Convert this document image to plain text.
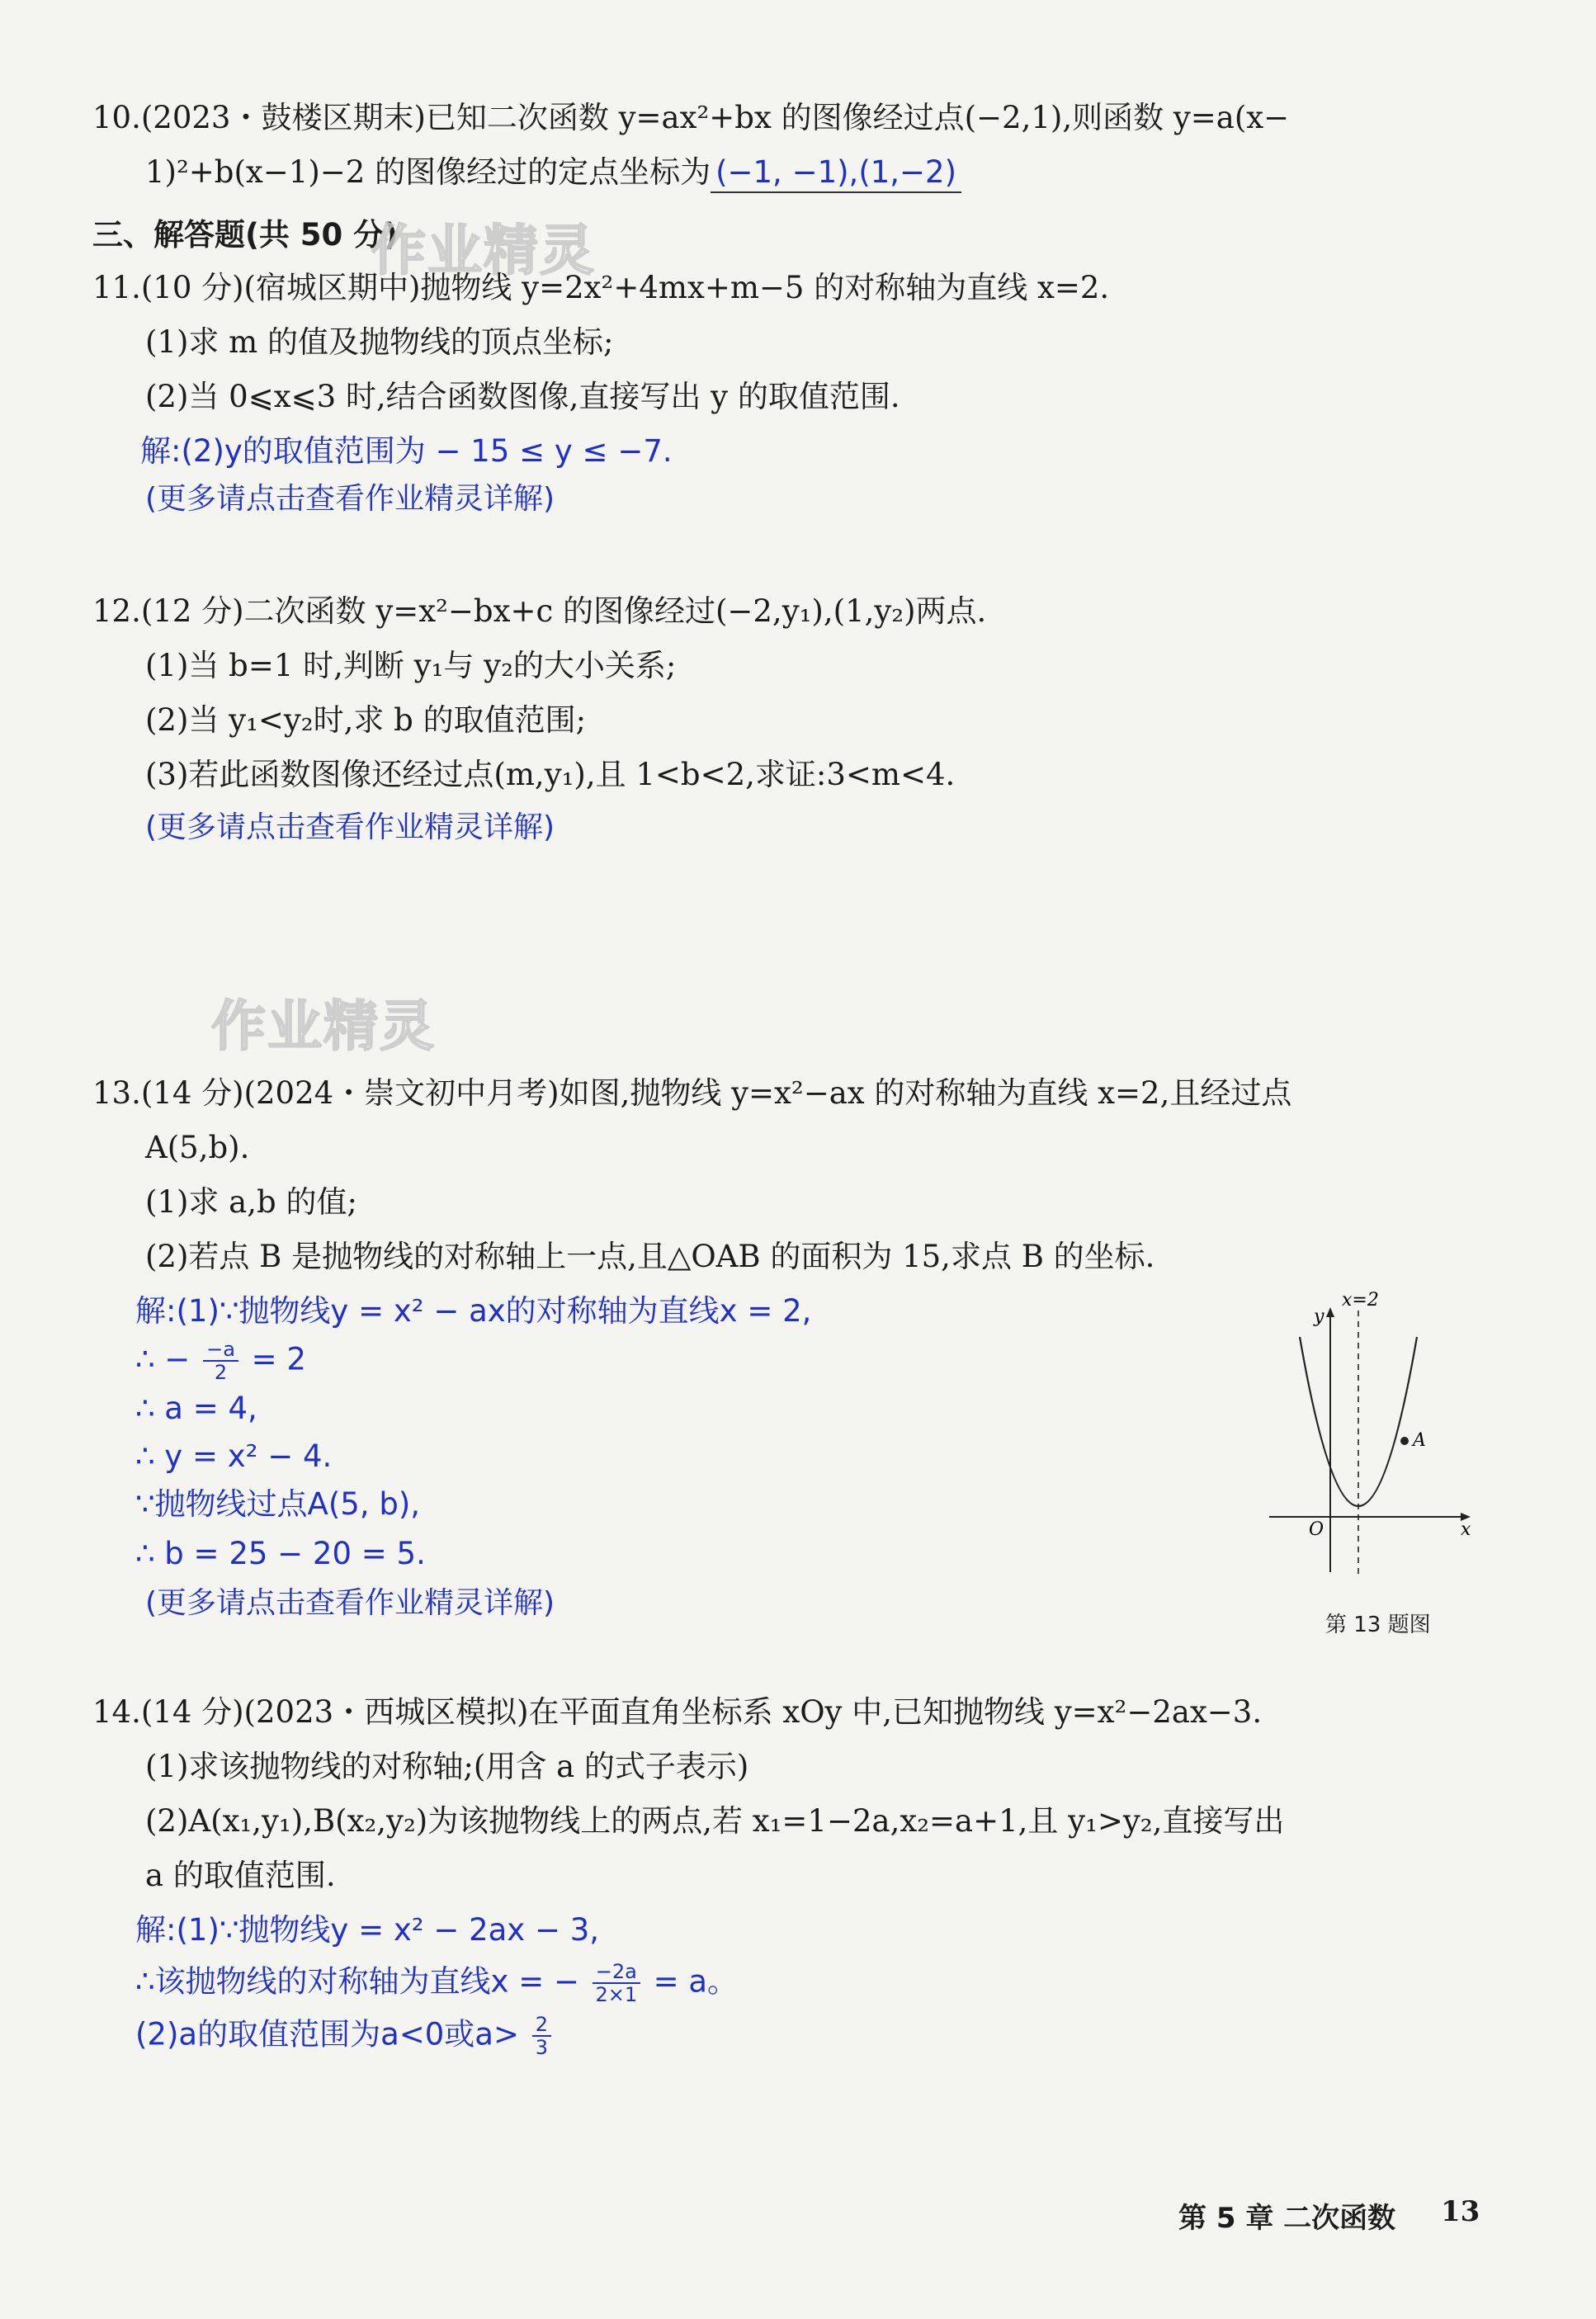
10.(2023・鼓楼区期末)已知二次函数 y=ax²+bx 的图像经过点(−2,1),则函数 y=a(x−
1)²+b(x−1)−2 的图像经过的定点坐标为 (−1, −1),(1,−2)
三、解答题(共 50 分)
作业精灵
11.(10 分)(宿城区期中)抛物线 y=2x²+4mx+m−5 的对称轴为直线 x=2.
(1)求 m 的值及抛物线的顶点坐标;
(2)当 0⩽x⩽3 时,结合函数图像,直接写出 y 的取值范围.
解:(2)y的取值范围为 − 15 ≤ y ≤ −7.
(更多请点击查看作业精灵详解)
12.(12 分)二次函数 y=x²−bx+c 的图像经过(−2,y₁),(1,y₂)两点.
(1)当 b=1 时,判断 y₁与 y₂的大小关系;
(2)当 y₁<y₂时,求 b 的取值范围;
(3)若此函数图像还经过点(m,y₁),且 1<b<2,求证:3<m<4.
(更多请点击查看作业精灵详解)
作业精灵
13.(14 分)(2024・崇文初中月考)如图,抛物线 y=x²−ax 的对称轴为直线 x=2,且经过点
A(5,b).
(1)求 a,b 的值;
(2)若点 B 是抛物线的对称轴上一点,且△OAB 的面积为 15,求点 B 的坐标.
解:(1)∵抛物线y = x² − ax的对称轴为直线x = 2,
∴ − $\frac{-a}{2} = 2$
∴ a = 4,
∴ y = x² − 4.
∵抛物线过点A(5, b),
∴ b = 25 − 20 = 5.
(更多请点击查看作业精灵详解)
y
x
O
x=2
A
第 13 题图
14.(14 分)(2023・西城区模拟)在平面直角坐标系 xOy 中,已知抛物线 y=x²−2ax−3.
(1)求该抛物线的对称轴;(用含 a 的式子表示)
(2)A(x₁,y₁),B(x₂,y₂)为该抛物线上的两点,若 x₁=1−2a,x₂=a+1,且 y₁>y₂,直接写出
a 的取值范围.
解:(1)∵抛物线y = x² − 2ax − 3,
∴该抛物线的对称轴为直线x = − $\frac{-2a}{2\times 1} = a$。
(2)a的取值范围为a<0或$a> \frac{2}{3}$
第 5 章 二次函数 13
